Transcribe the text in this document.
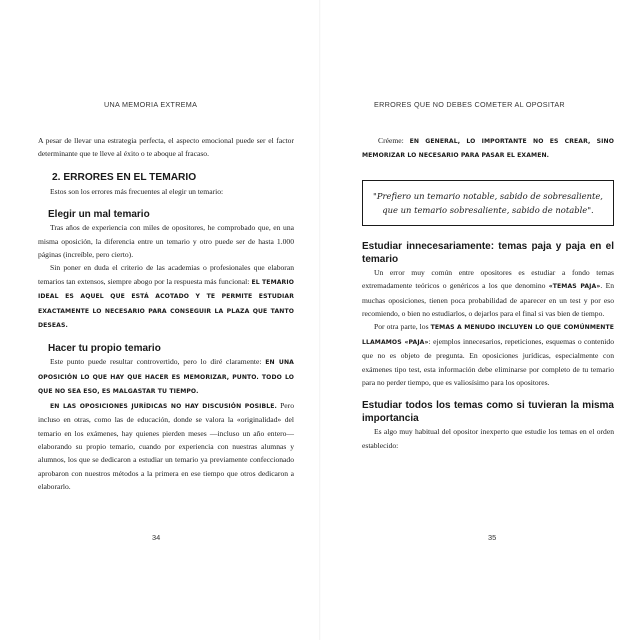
UNA MEMORIA EXTREMA

A pesar de llevar una estrategia perfecta, el aspecto emocional puede ser el factor determinante que te lleve al éxito o te aboque al fracaso.

2. ERRORES EN EL TEMARIO

Estos son los errores más frecuentes al elegir un temario:

Elegir un mal temario

Tras años de experiencia con miles de opositores, he comprobado que, en una misma oposición, la diferencia entre un temario y otro puede ser de hasta 1.000 páginas (increíble, pero cierto).

Sin poner en duda el criterio de las academias o profesionales que elaboran temarios tan extensos, siempre abogo por la respuesta más funcional: EL TEMARIO IDEAL ES AQUEL QUE ESTÁ ACOTADO Y TE PERMITE ESTUDIAR EXACTAMENTE LO NECESARIO PARA CONSEGUIR LA PLAZA QUE TANTO DESEAS.

Hacer tu propio temario

Este punto puede resultar controvertido, pero lo diré claramente: EN UNA OPOSICIÓN LO QUE HAY QUE HACER ES MEMORIZAR, PUNTO. TODO LO QUE NO SEA ESO, ES MALGASTAR TU TIEMPO.

EN LAS OPOSICIONES JURÍDICAS NO HAY DISCUSIÓN POSIBLE. Pero incluso en otras, como las de educación, donde se valora la «originalidad» del temario en los exámenes, hay quienes pierden meses —incluso un año entero— elaborando su propio temario, cuando por experiencia con nuestras alumnas y alumnos, los que se dedicaron a estudiar un temario ya previamente confeccionado aprobaron con nuestros métodos a la primera en ese tiempo que otros dedicaron a elaborarlo.

34
ERRORES QUE NO DEBES COMETER AL OPOSITAR

Créeme: EN GENERAL, LO IMPORTANTE NO ES CREAR, SINO MEMORIZAR LO NECESARIO PARA PASAR EL EXAMEN.

"Prefiero un temario notable, sabido de sobresaliente, que un temario sobresaliente, sabido de notable".
Estudiar innecesariamente: temas paja y paja en el temario

Un error muy común entre opositores es estudiar a fondo temas extremadamente teóricos o genéricos a los que denomino «TEMAS PAJA». En muchas oposiciones, tienen poca probabilidad de aparecer en un test y por eso recomiendo, o bien no estudiarlos, o dejarlos para el final si vas bien de tiempo.

Por otra parte, los TEMAS A MENUDO INCLUYEN LO QUE COMÚNMENTE LLAMAMOS «PAJA»: ejemplos innecesarios, repeticiones, esquemas o contenido que no es objeto de pregunta. En oposiciones jurídicas, especialmente con exámenes tipo test, esta información debe eliminarse por completo de tu temario para no perder tiempo, que es valiosísimo para los opositores.

Estudiar todos los temas como si tuvieran la misma importancia

Es algo muy habitual del opositor inexperto que estudie los temas en el orden establecido:

35
